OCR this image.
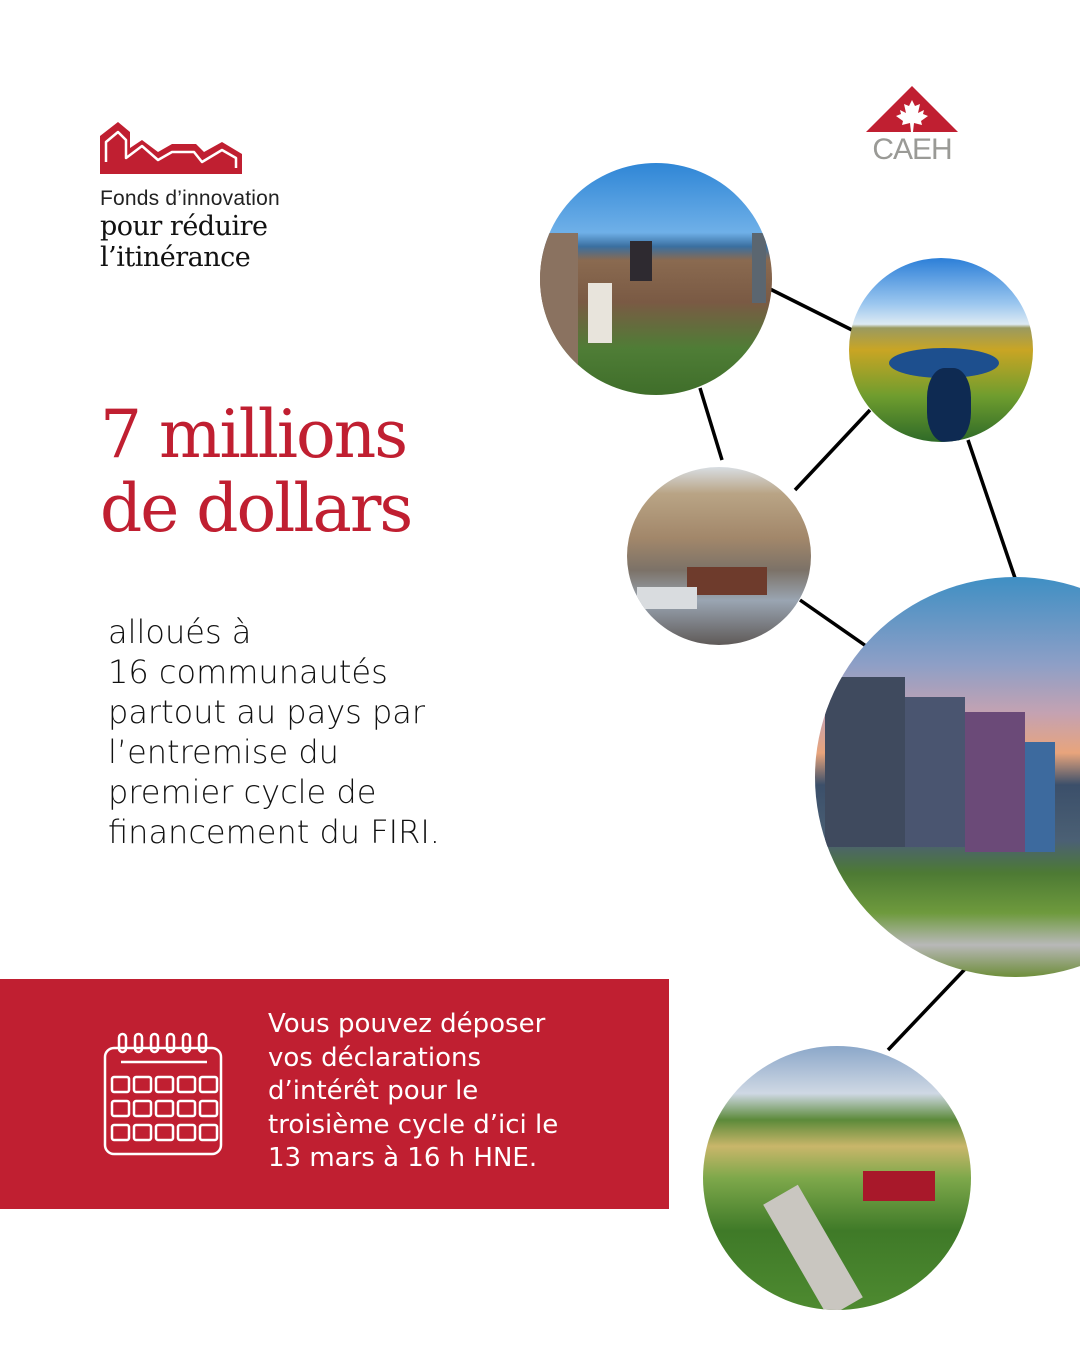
Fonds d’innovation
pour réduire
l’itinérance
CAEH
7 millions
de dollars
alloués à
16 communautés
partout au pays par
l’entremise du
premier cycle de
financement du FIRI.
Vous pouvez déposer
vos déclarations
d’intérêt pour le
troisième cycle d’ici le
13 mars à 16 h HNE.
